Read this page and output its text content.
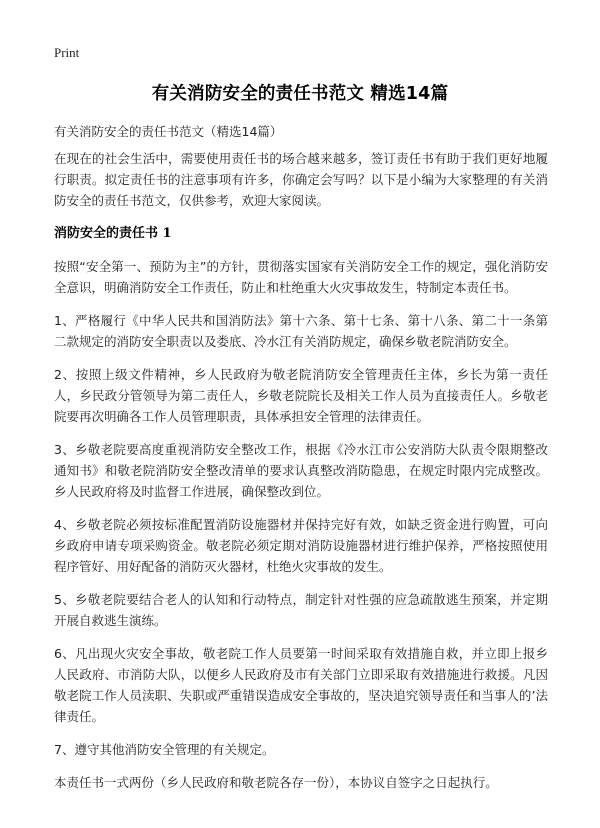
Print
有关消防安全的责任书范文 精选14篇

有关消防安全的责任书范文（精选14篇）

在现在的社会生活中，需要使用责任书的场合越来越多，签订责任书有助于我们更好地履行职责。拟定责任书的注意事项有许多，你确定会写吗？以下是小编为大家整理的有关消防安全的责任书范文，仅供参考，欢迎大家阅读。

消防安全的责任书 1

按照“安全第一、预防为主”的方针，贯彻落实国家有关消防安全工作的规定，强化消防安全意识，明确消防安全工作责任，防止和杜绝重大火灾事故发生，特制定本责任书。

1、严格履行《中华人民共和国消防法》第十六条、第十七条、第十八条、第二十一条第二款规定的消防安全职责以及娄底、冷水江有关消防规定，确保乡敬老院消防安全。

2、按照上级文件精神，乡人民政府为敬老院消防安全管理责任主体，乡长为第一责任人，乡民政分管领导为第二责任人，乡敬老院院长及相关工作人员为直接责任人。乡敬老院要再次明确各工作人员管理职责，具体承担安全管理的法律责任。

3、乡敬老院要高度重视消防安全整改工作，根据《冷水江市公安消防大队责令限期整改通知书》和敬老院消防安全整改清单的要求认真整改消防隐患，在规定时限内完成整改。乡人民政府将及时监督工作进展，确保整改到位。

4、乡敬老院必须按标准配置消防设施器材并保持完好有效，如缺乏资金进行购置，可向乡政府申请专项采购资金。敬老院必须定期对消防设施器材进行维护保养，严格按照使用程序管好、用好配备的消防灭火器材，杜绝火灾事故的发生。

5、乡敬老院要结合老人的认知和行动特点，制定针对性强的应急疏散逃生预案，并定期开展自救逃生演练。

6、凡出现火灾安全事故，敬老院工作人员要第一时间采取有效措施自救，并立即上报乡人民政府、市消防大队，以便乡人民政府及市有关部门立即采取有效措施进行救援。凡因敬老院工作人员渎职、失职或严重错误造成安全事故的，坚决追究领导责任和当事人的’法律责任。

7、遵守其他消防安全管理的有关规定。

本责任书一式两份（乡人民政府和敬老院各存一份），本协议自签字之日起执行。
